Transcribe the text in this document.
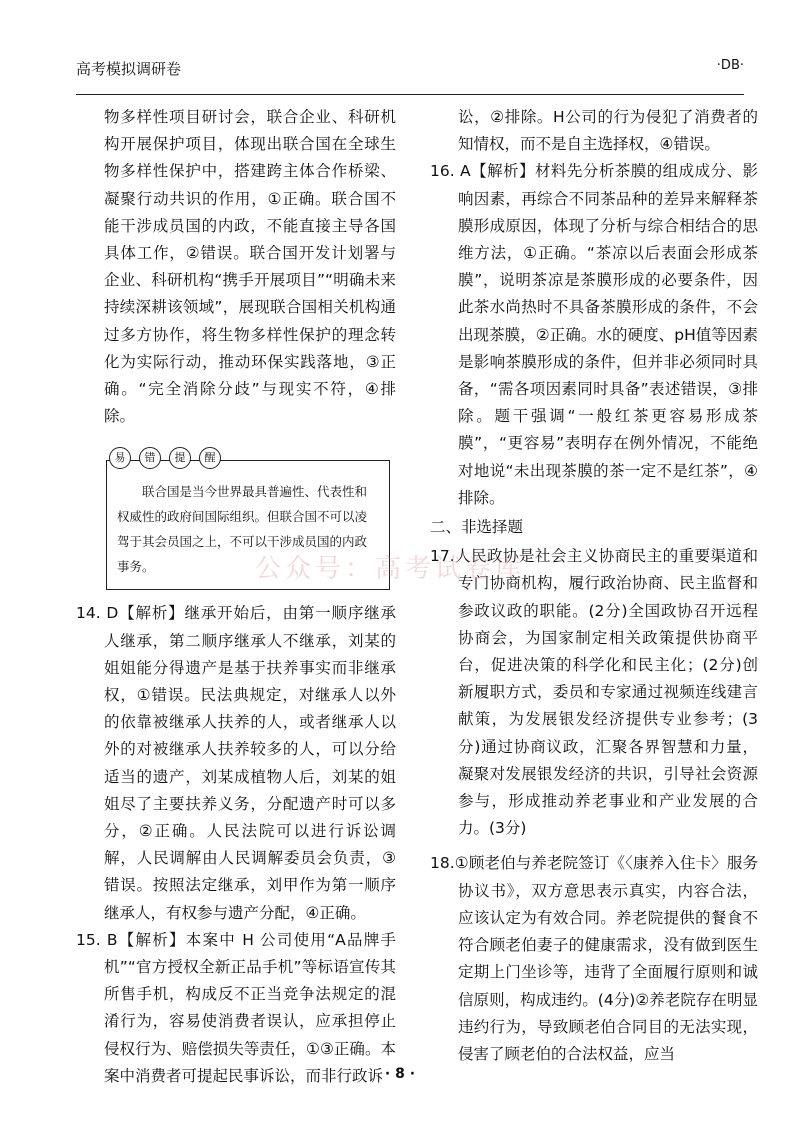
高考模拟调研卷	·DB·

物多样性项目研讨会，联合企业、科研机构开展保护项目，体现出联合国在全球生物多样性保护中，搭建跨主体合作桥梁、凝聚行动共识的作用，①正确。联合国不能干涉成员国的内政，不能直接主导各国具体工作，②错误。联合国开发计划署与企业、科研机构“携手开展项目”“明确未来持续深耕该领域”，展现联合国相关机构通过多方协作，将生物多样性保护的理念转化为实际行动，推动环保实践落地，③正确。“完全消除分歧”与现实不符，④排除。

易	错	提	醒
联合国是当今世界最具普遍性、代表性和权威性的政府间国际组织。但联合国不可以凌驾于其会员国之上，不可以干涉成员国的内政事务。

14. D【解析】继承开始后，由第一顺序继承人继承，第二顺序继承人不继承，刘某的姐姐能分得遗产是基于扶养事实而非继承权，①错误。民法典规定，对继承人以外的依靠被继承人扶养的人，或者继承人以外的对被继承人扶养较多的人，可以分给适当的遗产，刘某成植物人后，刘某的姐姐尽了主要扶养义务，分配遗产时可以多分，②正确。人民法院可以进行诉讼调解，人民调解由人民调解委员会负责，③错误。按照法定继承，刘甲作为第一顺序继承人，有权参与遗产分配，④正确。

15. B【解析】本案中 H 公司使用“A品牌手机”“官方授权全新正品手机”等标语宣传其所售手机，构成反不正当竞争法规定的混淆行为，容易使消费者误认，应承担停止侵权行为、赔偿损失等责任，①③正确。本案中消费者可提起民事诉讼，而非行政诉

讼，②排除。H公司的行为侵犯了消费者的知情权，而不是自主选择权，④错误。

16. A【解析】材料先分析茶膜的组成成分、影响因素，再综合不同茶品种的差异来解释茶膜形成原因，体现了分析与综合相结合的思维方法，①正确。“茶凉以后表面会形成茶膜”，说明茶凉是茶膜形成的必要条件，因此茶水尚热时不具备茶膜形成的条件，不会出现茶膜，②正确。水的硬度、pH值等因素是影响茶膜形成的条件，但并非必须同时具备，“需各项因素同时具备”表述错误，③排除。题干强调“一般红茶更容易形成茶膜”，“更容易”表明存在例外情况，不能绝对地说“未出现茶膜的茶一定不是红茶”，④排除。

二、非选择题

17.人民政协是社会主义协商民主的重要渠道和专门协商机构，履行政治协商、民主监督和参政议政的职能。(2分)全国政协召开远程协商会，为国家制定相关政策提供协商平台，促进决策的科学化和民主化；(2分)创新履职方式，委员和专家通过视频连线建言献策，为发展银发经济提供专业参考；(3分)通过协商议政，汇聚各界智慧和力量，凝聚对发展银发经济的共识，引导社会资源参与，形成推动养老事业和产业发展的合力。(3分)

18.①顾老伯与养老院签订《〈康养入住卡〉服务协议书》，双方意思表示真实，内容合法，应该认定为有效合同。养老院提供的餐食不符合顾老伯妻子的健康需求，没有做到医生定期上门坐诊等，违背了全面履行原则和诚信原则，构成违约。(4分)②养老院存在明显违约行为，导致顾老伯合同目的无法实现，侵害了顾老伯的合法权益，应当

公众号：高考试卷库
· 8 ·
